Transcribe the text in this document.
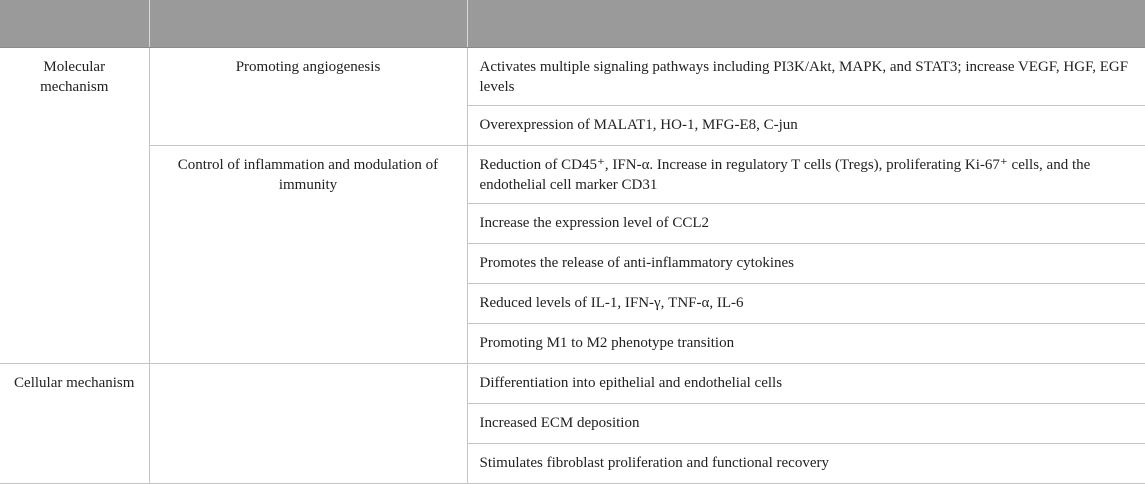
Molecular mechanism	Promoting angiogenesis	Activates multiple signaling pathways including PI3K/Akt, MAPK, and STAT3; increase VEGF, HGF, EGF levels
		Overexpression of MALAT1, HO-1, MFG-E8, C-jun
	Control of inflammation and modulation of immunity	Reduction of CD45⁺, IFN-α. Increase in regulatory T cells (Tregs), proliferating Ki-67⁺ cells, and the endothelial cell marker CD31
		Increase the expression level of CCL2
		Promotes the release of anti-inflammatory cytokines
		Reduced levels of IL-1, IFN-γ, TNF-α, IL-6
		Promoting M1 to M2 phenotype transition
Cellular mechanism		Differentiation into epithelial and endothelial cells
		Increased ECM deposition
		Stimulates fibroblast proliferation and functional recovery
